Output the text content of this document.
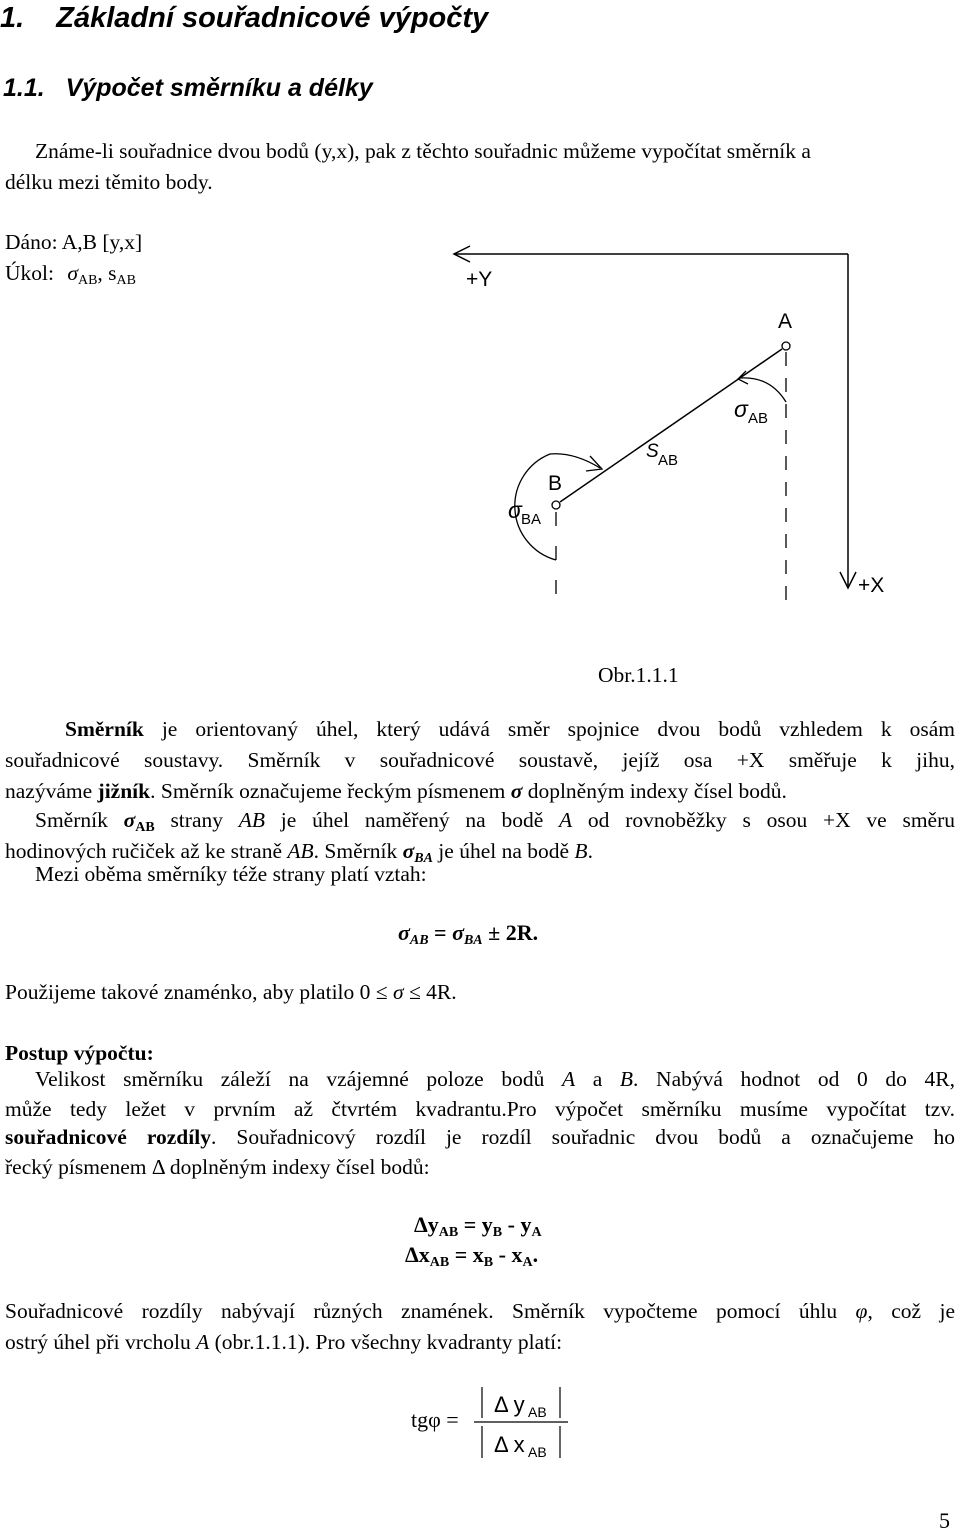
1. Základní souřadnicové výpočty
1.1. Výpočet směrníku a délky
Známe-li souřadnice dvou bodů (y,x), pak z těchto souřadnic můžeme vypočítat směrník a
délku mezi těmito body.
Dáno: A,B [y,x]
Úkol: $\sigma_{AB}$, $s_{AB}$	+Y
+X
A
B
σ AB
S AB
σ BA
Obr.1.1.1
Směrník je orientovaný úhel, který udává směr spojnice dvou bodů vzhledem k osám
souřadnicové soustavy. Směrník v souřadnicové soustavě, jejíž osa +X směřuje k jihu,
nazýváme jižník. Směrník označujeme řeckým písmenem σ doplněným indexy čísel bodů.
Směrník $\sigma_{AB}$ strany AB je úhel naměřený na bodě A od rovnoběžky s osou +X ve směru
hodinových ručiček až ke straně AB. Směrník $\sigma_{BA}$ je úhel na bodě B.
Mezi oběma směrníky téže strany platí vztah:
$\sigma_{AB} = \sigma_{BA} \pm 2R$.
Použijeme takové znaménko, aby platilo 0 ≤ σ ≤ 4R.
Postup výpočtu:
Velikost směrníku záleží na vzájemné poloze bodů A a B. Nabývá hodnot od 0 do 4R,
může tedy ležet v prvním až čtvrtém kvadrantu.Pro výpočet směrníku musíme vypočítat tzv.
souřadnicové rozdíly. Souřadnicový rozdíl je rozdíl souřadnic dvou bodů a označujeme ho
řecký písmenem Δ doplněným indexy čísel bodů:
$\Delta y_{AB} = y_B - y_A$
$\Delta x_{AB} = x_B - x_A$.
Souřadnicové rozdíly nabývají různých znamének. Směrník vypočteme pomocí úhlu φ, což je
ostrý úhel při vrcholu A (obr.1.1.1). Pro všechny kvadranty platí:
tgφ =
Δ y AB
Δ x AB
5
